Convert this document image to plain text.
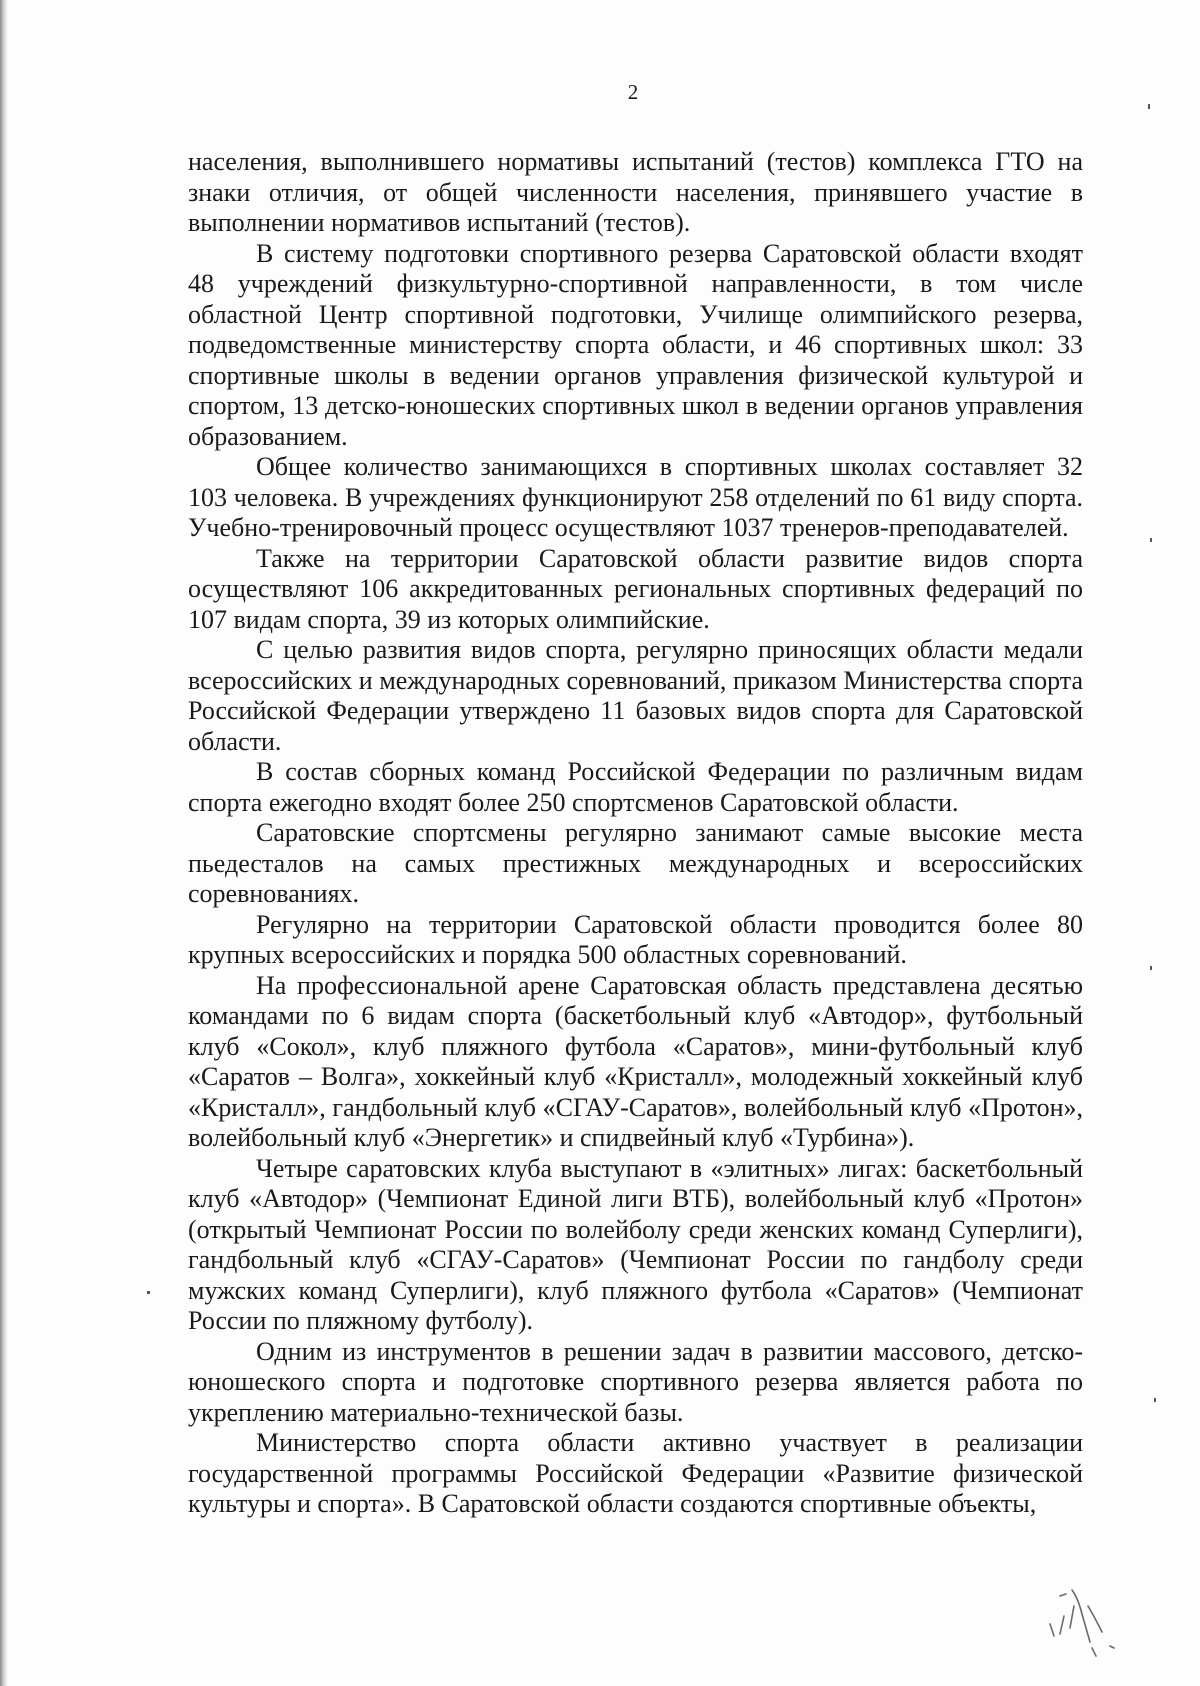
2

населения, выполнившего нормативы испытаний (тестов) комплекса ГТО на знаки отличия, от общей численности населения, принявшего участие в выполнении нормативов испытаний (тестов).

В систему подготовки спортивного резерва Саратовской области входят 48 учреждений физкультурно-спортивной направленности, в том числе областной Центр спортивной подготовки, Училище олимпийского резерва, подведомственные министерству спорта области, и 46 спортивных школ: 33 спортивные школы в ведении органов управления физической культурой и спортом, 13 детско-юношеских спортивных школ в ведении органов управления образованием.

Общее количество занимающихся в спортивных школах составляет 32 103 человека. В учреждениях функционируют 258 отделений по 61 виду спорта. Учебно-тренировочный процесс осуществляют 1037 тренеров-преподавателей.

Также на территории Саратовской области развитие видов спорта осуществляют 106 аккредитованных региональных спортивных федераций по 107 видам спорта, 39 из которых олимпийские.

С целью развития видов спорта, регулярно приносящих области медали всероссийских и международных соревнований, приказом Министерства спорта Российской Федерации утверждено 11 базовых видов спорта для Саратовской области.

В состав сборных команд Российской Федерации по различным видам спорта ежегодно входят более 250 спортсменов Саратовской области.

Саратовские спортсмены регулярно занимают самые высокие места пьедесталов на самых престижных международных и всероссийских соревнованиях.

Регулярно на территории Саратовской области проводится более 80 крупных всероссийских и порядка 500 областных соревнований.

На профессиональной арене Саратовская область представлена десятью командами по 6 видам спорта (баскетбольный клуб «Автодор», футбольный клуб «Сокол», клуб пляжного футбола «Саратов», мини-футбольный клуб «Саратов – Волга», хоккейный клуб «Кристалл», молодежный хоккейный клуб «Кристалл», гандбольный клуб «СГАУ-Саратов», волейбольный клуб «Протон», волейбольный клуб «Энергетик» и спидвейный клуб «Турбина»).

Четыре саратовских клуба выступают в «элитных» лигах: баскетбольный клуб «Автодор» (Чемпионат Единой лиги ВТБ), волейбольный клуб «Протон» (открытый Чемпионат России по волейболу среди женских команд Суперлиги), гандбольный клуб «СГАУ-Саратов» (Чемпионат России по гандболу среди мужских команд Суперлиги), клуб пляжного футбола «Саратов» (Чемпионат России по пляжному футболу).

Одним из инструментов в решении задач в развитии массового, детско-юношеского спорта и подготовке спортивного резерва является работа по укреплению материально-технической базы.

Министерство спорта области активно участвует в реализации государственной программы Российской Федерации «Развитие физической культуры и спорта». В Саратовской области создаются спортивные объекты,
